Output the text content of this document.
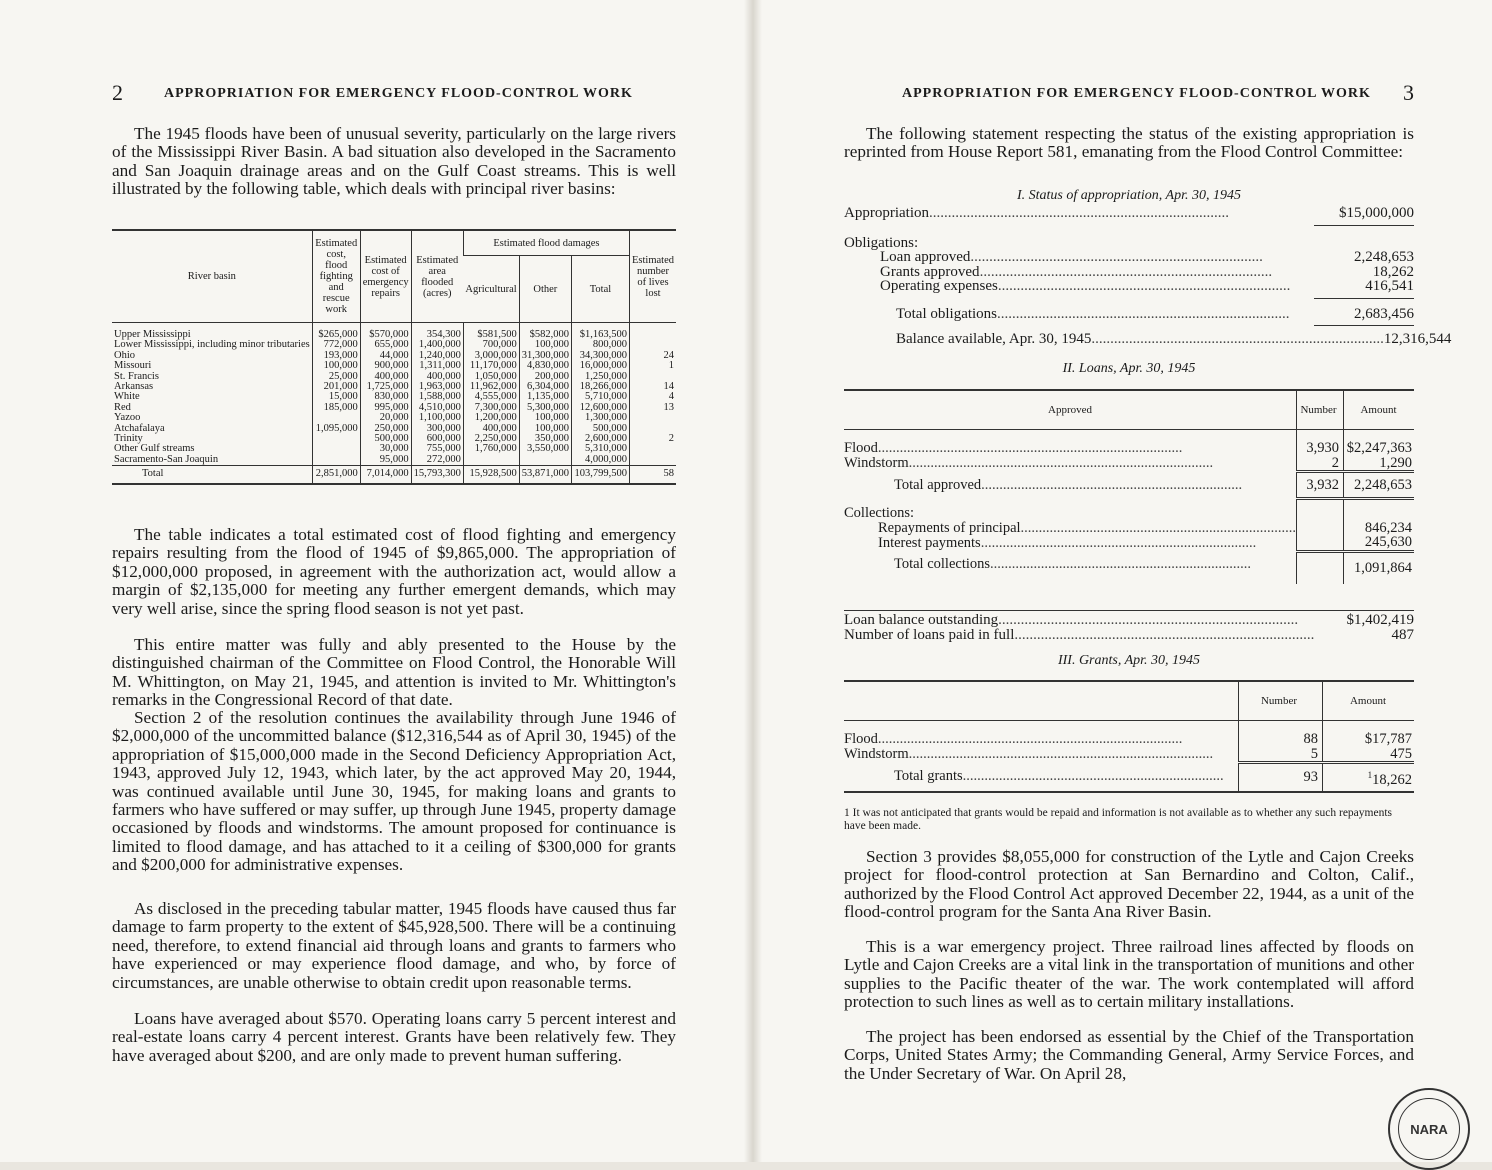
2	APPROPRIATION FOR EMERGENCY FLOOD-CONTROL WORK

The 1945 floods have been of unusual severity, particularly on the large rivers of the Mississippi River Basin. A bad situation also developed in the Sacramento and San Joaquin drainage areas and on the Gulf Coast streams. This is well illustrated by the following table, which deals with principal river basins:

River basin	Estimated cost, flood fighting and rescue work	Estimated cost of emergency repairs	Estimated area flooded (acres)	Estimated flood damages			Estimated number of lives lost
				Agricultural	Other	Total	
Upper Mississippi	$265,000	$570,000	354,300	$581,500	$582,000	$1,163,500	
Lower Mississippi, including minor tributaries	772,000	655,000	1,400,000	700,000	100,000	800,000	
Ohio	193,000	44,000	1,240,000	3,000,000	31,300,000	34,300,000	24
Missouri	100,000	900,000	1,311,000	11,170,000	4,830,000	16,000,000	1
St. Francis	25,000	400,000	400,000	1,050,000	200,000	1,250,000	
Arkansas	201,000	1,725,000	1,963,000	11,962,000	6,304,000	18,266,000	14
White	15,000	830,000	1,588,000	4,555,000	1,135,000	5,710,000	4
Red	185,000	995,000	4,510,000	7,300,000	5,300,000	12,600,000	13
Yazoo		20,000	1,100,000	1,200,000	100,000	1,300,000	
Atchafalaya	1,095,000	250,000	300,000	400,000	100,000	500,000	
Trinity		500,000	600,000	2,250,000	350,000	2,600,000	2
Other Gulf streams		30,000	755,000	1,760,000	3,550,000	5,310,000	
Sacramento-San Joaquin		95,000	272,000			4,000,000	
Total	2,851,000	7,014,000	15,793,300	15,928,500	53,871,000	103,799,500	58

The table indicates a total estimated cost of flood fighting and emergency repairs resulting from the flood of 1945 of $9,865,000. The appropriation of $12,000,000 proposed, in agreement with the authorization act, would allow a margin of $2,135,000 for meeting any further emergent demands, which may very well arise, since the spring flood season is not yet past.

This entire matter was fully and ably presented to the House by the distinguished chairman of the Committee on Flood Control, the Honorable Will M. Whittington, on May 21, 1945, and attention is invited to Mr. Whittington's remarks in the Congressional Record of that date.

Section 2 of the resolution continues the availability through June 1946 of $2,000,000 of the uncommitted balance ($12,316,544 as of April 30, 1945) of the appropriation of $15,000,000 made in the Second Deficiency Appropriation Act, 1943, approved July 12, 1943, which later, by the act approved May 20, 1944, was continued available until June 30, 1945, for making loans and grants to farmers who have suffered or may suffer, up through June 1945, property damage occasioned by floods and windstorms. The amount proposed for continuance is limited to flood damage, and has attached to it a ceiling of $300,000 for grants and $200,000 for administrative expenses.

As disclosed in the preceding tabular matter, 1945 floods have caused thus far damage to farm property to the extent of $45,928,500. There will be a continuing need, therefore, to extend financial aid through loans and grants to farmers who have experienced or may experience flood damage, and who, by force of circumstances, are unable otherwise to obtain credit upon reasonable terms.

Loans have averaged about $570. Operating loans carry 5 percent interest and real-estate loans carry 4 percent interest. Grants have been relatively few. They have averaged about $200, and are only made to prevent human suffering.

APPROPRIATION FOR EMERGENCY FLOOD-CONTROL WORK 3

The following statement respecting the status of the existing appropriation is reprinted from House Report 581, emanating from the Flood Control Committee:

I. Status of appropriation, Apr. 30, 1945
Appropriation................................................................................	$15,000,000
Obligations:
Loan approved..............................................................................	2,248,653
Grants approved..............................................................................	18,262
Operating expenses..............................................................................	416,541
Total obligations..............................................................................	2,683,456
Balance available, Apr. 30, 1945.............................................................................. 12,316,544
II. Loans, Apr. 30, 1945
Approved	Number	Amount
Flood....................................................................................	3,930	$2,247,363
Windstorm....................................................................................	2	1,290
Total approved........................................................................	3,932	2,248,653
Collections:		
Repayments of principal............................................................................		846,234
Interest payments............................................................................		245,630
Total collections........................................................................		1,091,864
Loan balance outstanding................................................................................	$1,402,419
Number of loans paid in full................................................................................	487
III. Grants, Apr. 30, 1945
	Number	Amount
Flood....................................................................................	88	$17,787
Windstorm....................................................................................	5	475
Total grants........................................................................	93	$^1$18,262
1 It was not anticipated that grants would be repaid and information is not available as to whether any such repayments have been made.

Section 3 provides $8,055,000 for construction of the Lytle and Cajon Creeks project for flood-control protection at San Bernardino and Colton, Calif., authorized by the Flood Control Act approved December 22, 1944, as a unit of the flood-control program for the Santa Ana River Basin.

This is a war emergency project. Three railroad lines affected by floods on Lytle and Cajon Creeks are a vital link in the transportation of munitions and other supplies to the Pacific theater of the war. The work contemplated will afford protection to such lines as well as to certain military installations.

The project has been endorsed as essential by the Chief of the Transportation Corps, United States Army; the Commanding General, Army Service Forces, and the Under Secretary of War. On April 28,

NARA
